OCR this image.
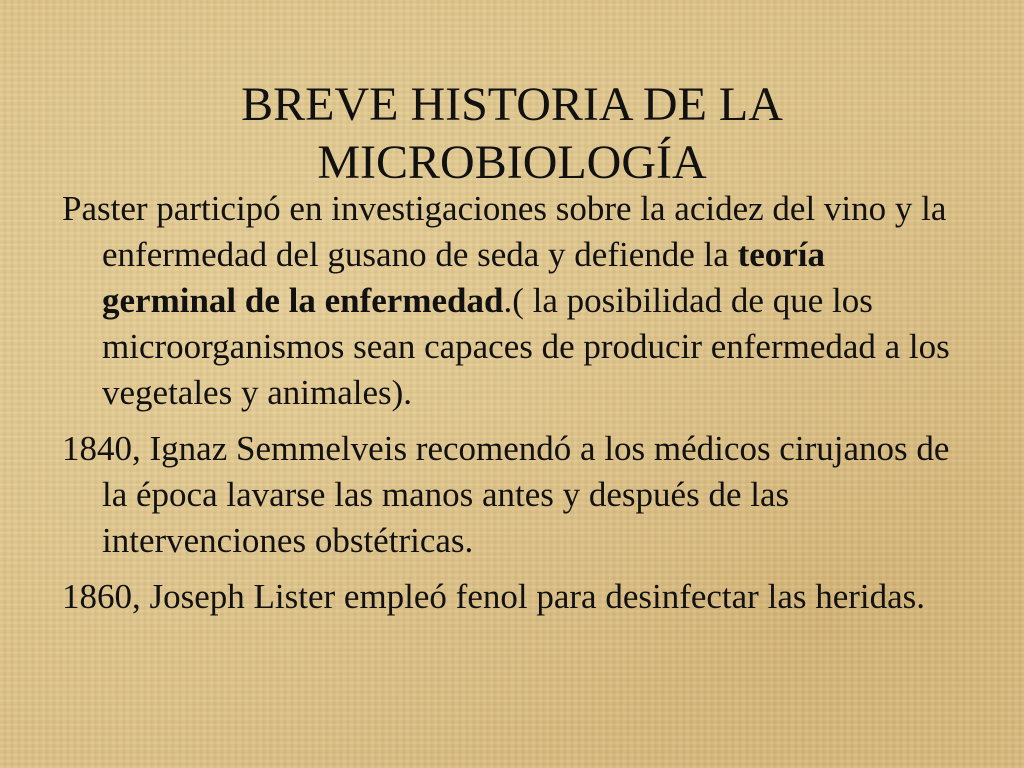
BREVE HISTORIA DE LA
MICROBIOLOGÍA

Paster participó en investigaciones sobre la acidez del vino y la enfermedad del gusano de seda y defiende la teoría germinal de la enfermedad.( la posibilidad de que los microorganismos sean capaces de producir enfermedad a los vegetales y animales).

1840, Ignaz Semmelveis recomendó a los médicos cirujanos de la época lavarse las manos antes y después de las intervenciones obstétricas.

1860, Joseph Lister empleó fenol para desinfectar las heridas.
